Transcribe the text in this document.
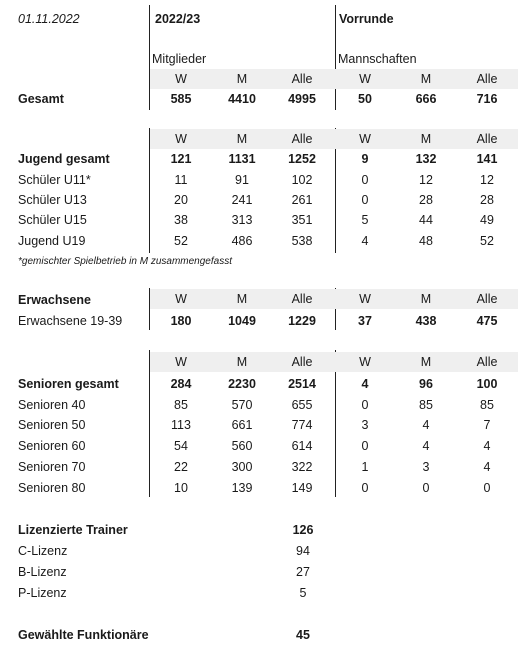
01.11.2022	2022/23	Vorrunde
Mitglieder	Mannschaften
W	M	Alle	W	M	Alle
W	M	Alle	W	M	Alle
W	M	Alle	W	M	Alle
W	M	Alle	W	M	Alle
Gesamt	585	4410	4995	50	666	716
Jugend gesamt	121	1131	1252	9	132	141
Schüler U11*	11	91	102	0	12	12
Schüler U13	20	241	261	0	28	28
Schüler U15	38	313	351	5	44	49
Jugend U19	52	486	538	4	48	52
Erwachsene 19-39	180	1049	1229	37	438	475
Senioren gesamt	284	2230	2514	4	96	100
Senioren 40	85	570	655	0	85	85
Senioren 50	113	661	774	3	4	7
Senioren 60	54	560	614	0	4	4
Senioren 70	22	300	322	1	3	4
Senioren 80	10	139	149	0	0	0
*gemischter Spielbetrieb in M zusammengefasst
Erwachsene
Lizenzierte Trainer	126
C-Lizenz	94
B-Lizenz	27
P-Lizenz	5
Gewählte Funktionäre	45
